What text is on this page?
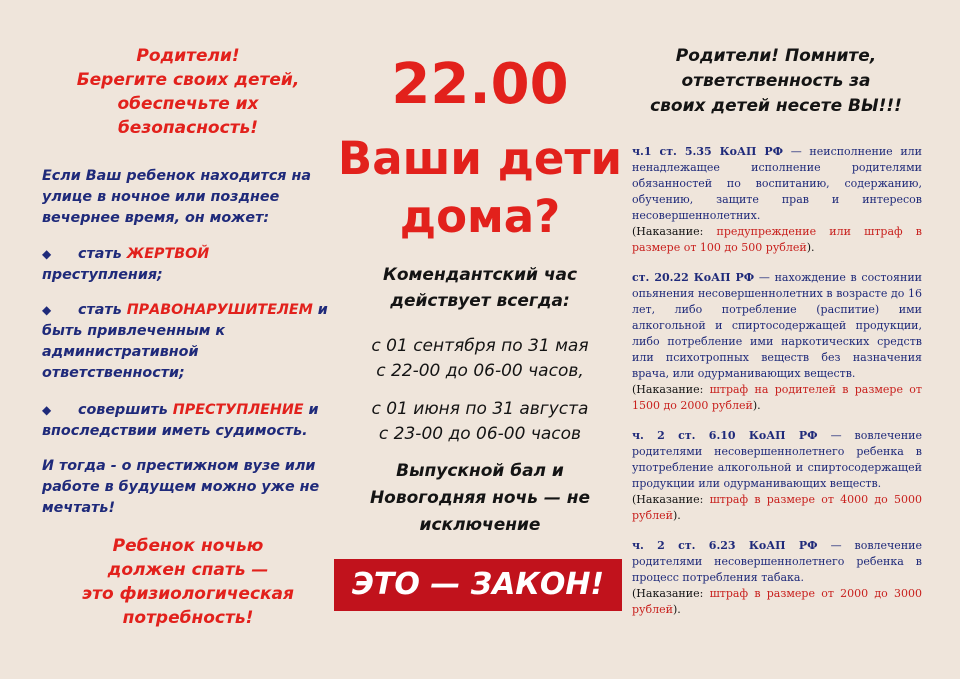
Родители!
Берегите своих детей,
обеспечьте их
безопасность!
Если Ваш ребенок находится на
улице в ночное или позднее
вечернее время, он может:
◆ стать ЖЕРТВОЙ
преступления;
◆ стать ПРАВОНАРУШИТЕЛЕМ и
быть привлеченным к
административной
ответственности;
◆ совершить ПРЕСТУПЛЕНИЕ и
впоследствии иметь судимость.
И тогда - о престижном вузе или
работе в будущем можно уже не
мечтать!
Ребенок ночью
должен спать —
это физиологическая
потребность!
22.00
Ваши дети
дома?
Комендантский час
действует всегда:
с 01 сентября по 31 мая
с 22-00 до 06-00 часов,
с 01 июня по 31 августа
с 23-00 до 06-00 часов
Выпускной бал и
Новогодняя ночь — не
исключение
ЭТО — ЗАКОН!
Родители! Помните,
ответственность за
своих детей несете ВЫ!!!
ч.1 ст. 5.35 КоАП РФ — неисполнение или ненадлежащее исполнение родителями обязанностей по воспитанию, содержанию, обучению, защите прав и интересов несовершеннолетних.
(Наказание: предупреждение или штраф в размере от 100 до 500 рублей).
ст. 20.22 КоАП РФ — нахождение в состоянии опьянения несовершеннолетних в возрасте до 16 лет, либо потребление (распитие) ими алкогольной и спиртосодержащей продукции, либо потребление ими наркотических средств или психотропных веществ без назначения врача, или одурманивающих веществ.
(Наказание: штраф на родителей в размере от 1500 до 2000 рублей).
ч. 2 ст. 6.10 КоАП РФ — вовлечение родителями несовершеннолетнего ребенка в употребление алкогольной и спиртосодержащей продукции или одурманивающих веществ.
(Наказание: штраф в размере от 4000 до 5000 рублей).
ч. 2 ст. 6.23 КоАП РФ — вовлечение родителями несовершеннолетнего ребенка в процесс потребления табака.
(Наказание: штраф в размере от 2000 до 3000 рублей).
